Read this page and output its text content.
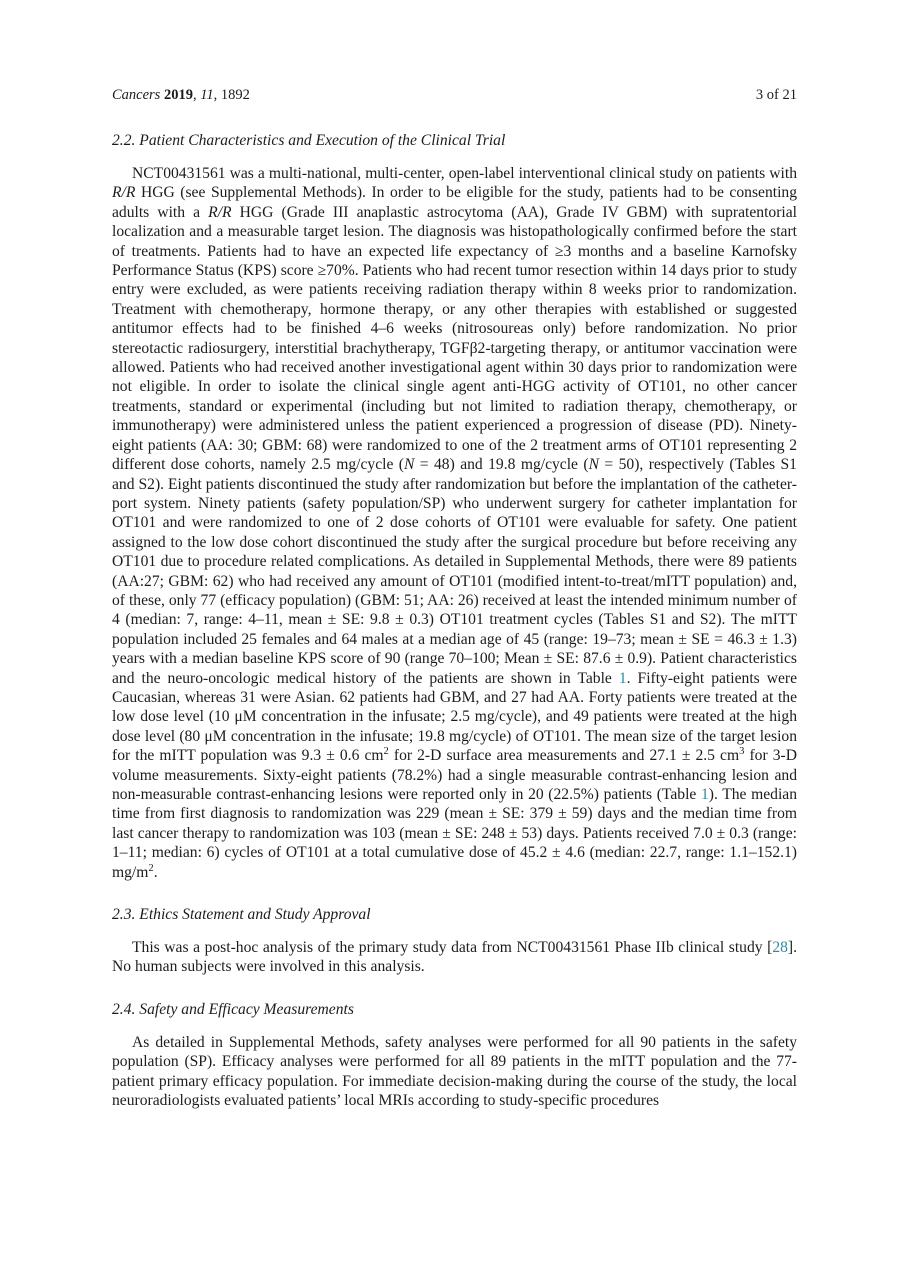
Cancers 2019, 11, 1892	3 of 21
2.2. Patient Characteristics and Execution of the Clinical Trial

NCT00431561 was a multi-national, multi-center, open-label interventional clinical study on patients with R/R HGG (see Supplemental Methods). In order to be eligible for the study, patients had to be consenting adults with a R/R HGG (Grade III anaplastic astrocytoma (AA), Grade IV GBM) with supratentorial localization and a measurable target lesion. The diagnosis was histopathologically confirmed before the start of treatments. Patients had to have an expected life expectancy of ≥3 months and a baseline Karnofsky Performance Status (KPS) score ≥70%. Patients who had recent tumor resection within 14 days prior to study entry were excluded, as were patients receiving radiation therapy within 8 weeks prior to randomization. Treatment with chemotherapy, hormone therapy, or any other therapies with established or suggested antitumor effects had to be finished 4–6 weeks (nitrosoureas only) before randomization. No prior stereotactic radiosurgery, interstitial brachytherapy, TGFβ2-targeting therapy, or antitumor vaccination were allowed. Patients who had received another investigational agent within 30 days prior to randomization were not eligible. In order to isolate the clinical single agent anti-HGG activity of OT101, no other cancer treatments, standard or experimental (including but not limited to radiation therapy, chemotherapy, or immunotherapy) were administered unless the patient experienced a progression of disease (PD). Ninety-eight patients (AA: 30; GBM: 68) were randomized to one of the 2 treatment arms of OT101 representing 2 different dose cohorts, namely 2.5 mg/cycle (N = 48) and 19.8 mg/cycle (N = 50), respectively (Tables S1 and S2). Eight patients discontinued the study after randomization but before the implantation of the catheter-port system. Ninety patients (safety population/SP) who underwent surgery for catheter implantation for OT101 and were randomized to one of 2 dose cohorts of OT101 were evaluable for safety. One patient assigned to the low dose cohort discontinued the study after the surgical procedure but before receiving any OT101 due to procedure related complications. As detailed in Supplemental Methods, there were 89 patients (AA:27; GBM: 62) who had received any amount of OT101 (modified intent-to-treat/mITT population) and, of these, only 77 (efficacy population) (GBM: 51; AA: 26) received at least the intended minimum number of 4 (median: 7, range: 4–11, mean ± SE: 9.8 ± 0.3) OT101 treatment cycles (Tables S1 and S2). The mITT population included 25 females and 64 males at a median age of 45 (range: 19–73; mean ± SE = 46.3 ± 1.3) years with a median baseline KPS score of 90 (range 70–100; Mean ± SE: 87.6 ± 0.9). Patient characteristics and the neuro-oncologic medical history of the patients are shown in Table 1. Fifty-eight patients were Caucasian, whereas 31 were Asian. 62 patients had GBM, and 27 had AA. Forty patients were treated at the low dose level (10 μM concentration in the infusate; 2.5 mg/cycle), and 49 patients were treated at the high dose level (80 μM concentration in the infusate; 19.8 mg/cycle) of OT101. The mean size of the target lesion for the mITT population was 9.3 ± 0.6 $cm^2$ for 2-D surface area measurements and 27.1 ± 2.5 $cm^3$ for 3-D volume measurements. Sixty-eight patients (78.2%) had a single measurable contrast-enhancing lesion and non-measurable contrast-enhancing lesions were reported only in 20 (22.5%) patients (Table 1). The median time from first diagnosis to randomization was 229 (mean ± SE: 379 ± 59) days and the median time from last cancer therapy to randomization was 103 (mean ± SE: 248 ± 53) days. Patients received 7.0 ± 0.3 (range: 1–11; median: 6) cycles of OT101 at a total cumulative dose of 45.2 ± 4.6 (median: 22.7, range: 1.1–152.1) $mg/m^2$.

2.3. Ethics Statement and Study Approval

This was a post-hoc analysis of the primary study data from NCT00431561 Phase IIb clinical study [28]. No human subjects were involved in this analysis.

2.4. Safety and Efficacy Measurements

As detailed in Supplemental Methods, safety analyses were performed for all 90 patients in the safety population (SP). Efficacy analyses were performed for all 89 patients in the mITT population and the 77-patient primary efficacy population. For immediate decision-making during the course of the study, the local neuroradiologists evaluated patients’ local MRIs according to study-specific procedures
